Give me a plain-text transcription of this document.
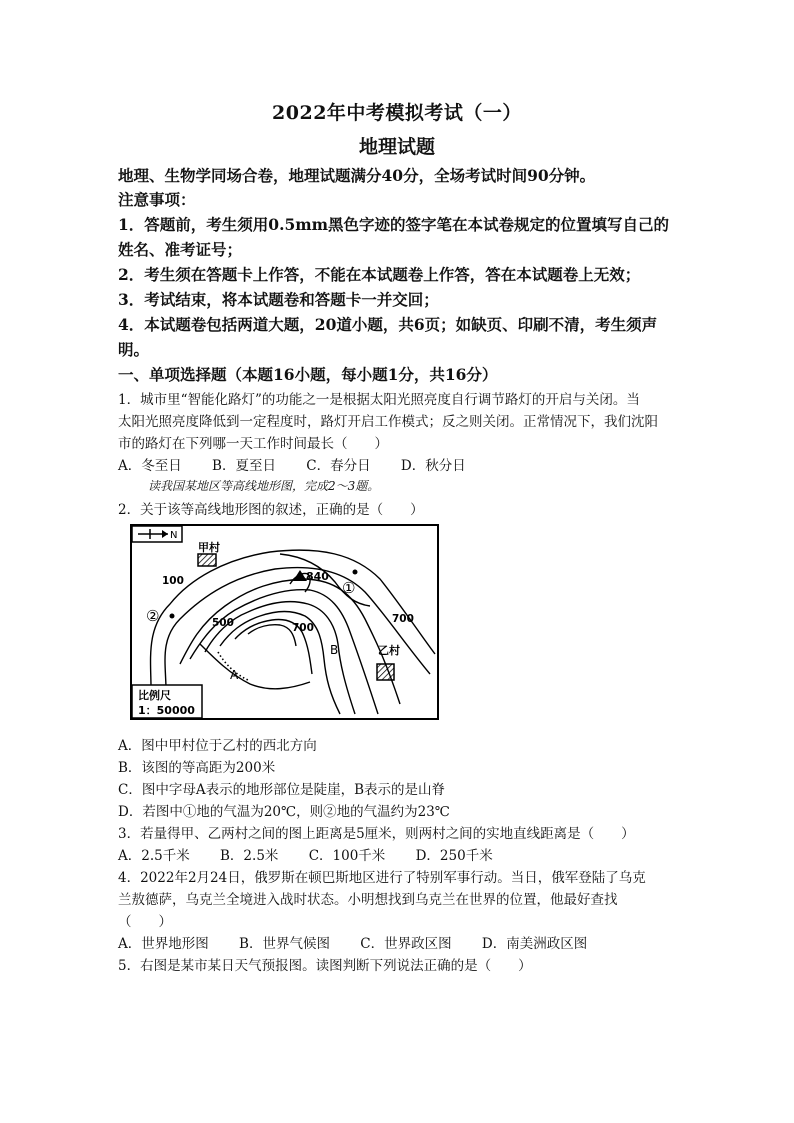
2022年中考模拟考试（一）
地理试题
地理、生物学同场合卷，地理试题满分40分，全场考试时间90分钟。
注意事项：
1．答题前，考生须用0.5mm黑色字迹的签字笔在本试卷规定的位置填写自己的
姓名、准考证号；
2．考生须在答题卡上作答，不能在本试题卷上作答，答在本试题卷上无效；
3．考试结束，将本试题卷和答题卡一并交回；
4．本试题卷包括两道大题，20道小题，共6页；如缺页、印刷不清，考生须声
明。
一、单项选择题（本题16小题，每小题1分，共16分）
1．城市里“智能化路灯”的功能之一是根据太阳光照亮度自行调节路灯的开启与关闭。当
太阳光照亮度降低到一定程度时，路灯开启工作模式；反之则关闭。正常情况下，我们沈阳
市的路灯在下列哪一天工作时间最长（　　）
A．冬至日 B．夏至日 C．春分日 D．秋分日
读我国某地区等高线地形图，完成2～3题。
2．关于该等高线地形图的叙述，正确的是（　　）
N
甲村
乙村
840
100
500	700
700
①
②
A
B
比例尺
1：50000
A．图中甲村位于乙村的西北方向
B．该图的等高距为200米
C．图中字母A表示的地形部位是陡崖，B表示的是山脊
D．若图中①地的气温为20℃，则②地的气温约为23℃
3．若量得甲、乙两村之间的图上距离是5厘米，则两村之间的实地直线距离是（　　）
A．2.5千米 B．2.5米 C．100千米 D．250千米
4．2022年2月24日，俄罗斯在顿巴斯地区进行了特别军事行动。当日，俄军登陆了乌克
兰敖德萨，乌克兰全境进入战时状态。小明想找到乌克兰在世界的位置，他最好查找
（　　）
A．世界地形图 B．世界气候图 C．世界政区图 D．南美洲政区图
5．右图是某市某日天气预报图。读图判断下列说法正确的是（　　）
